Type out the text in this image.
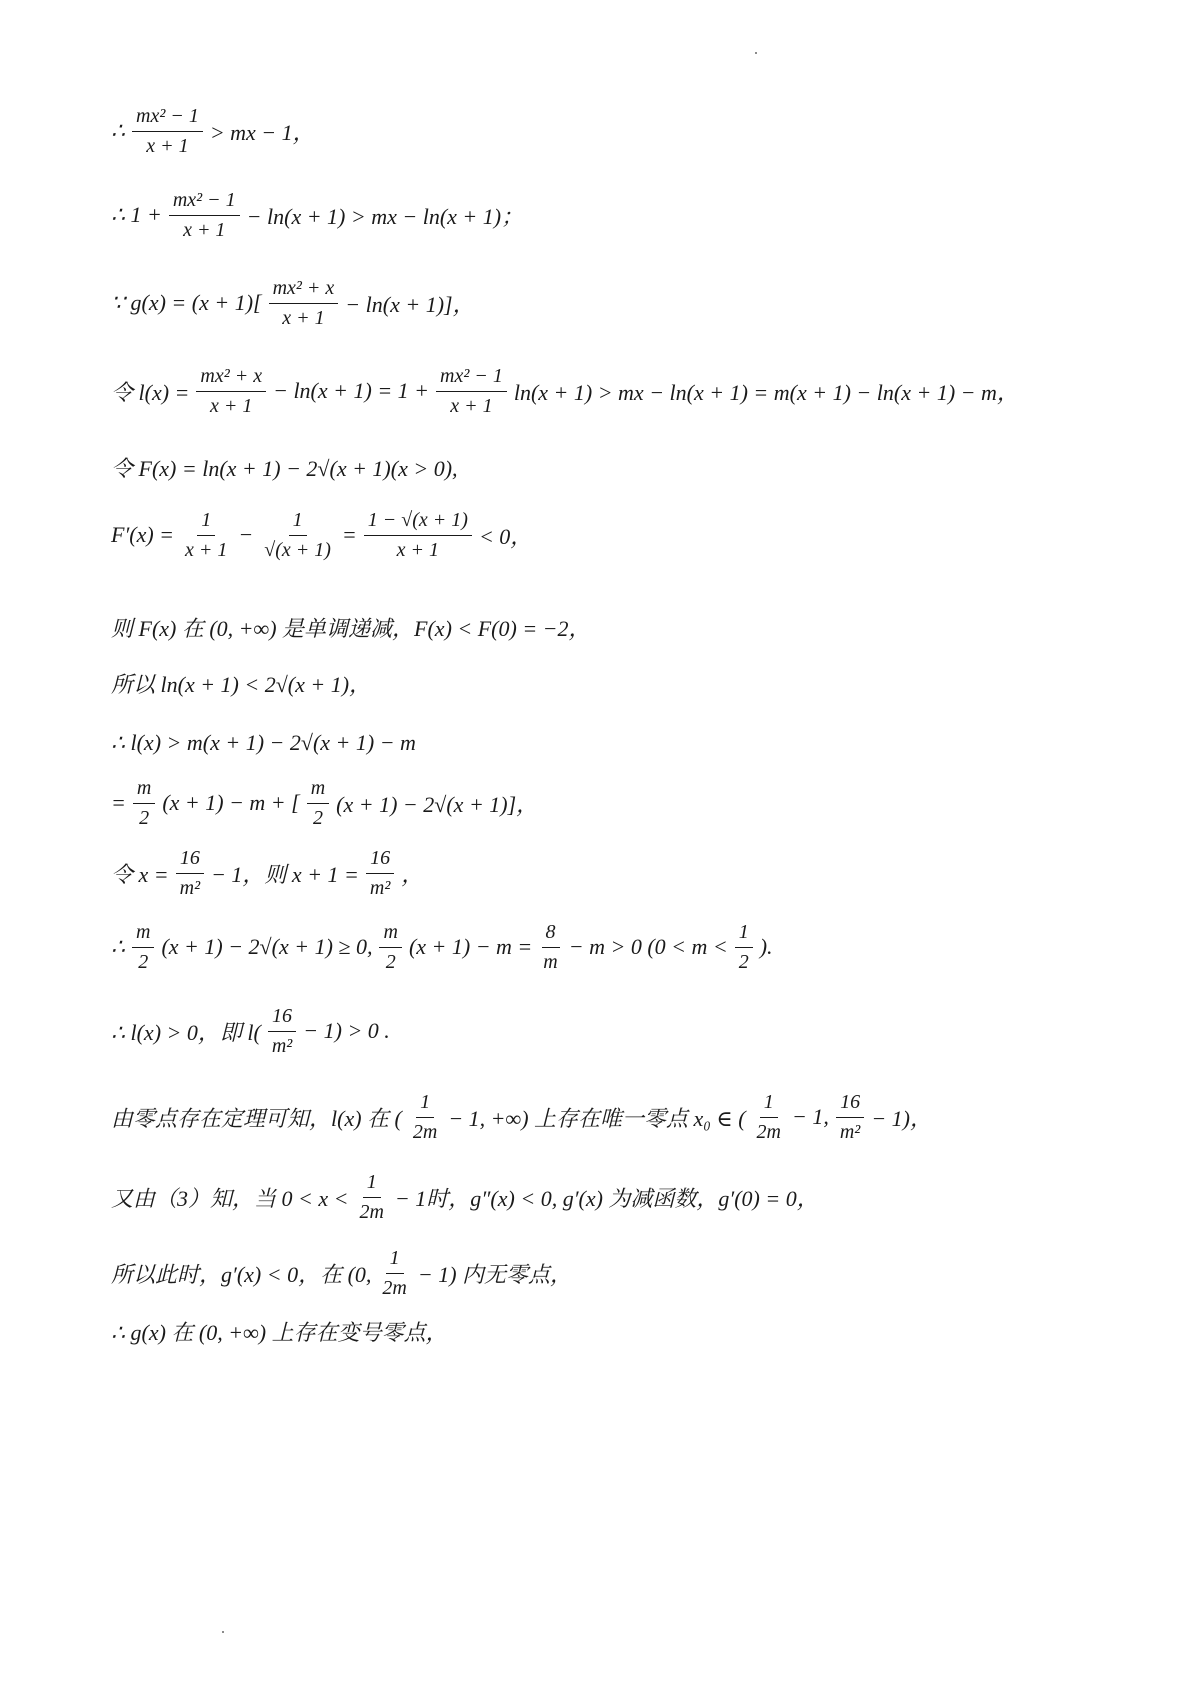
∴ $\frac{\text{mx² − 1}}{x + 1}$ > mx − 1，
∴ $1 + \frac{\text{mx² − 1}}{x + 1} - \ln(x + 1)$ > mx − ln(x + 1)；
∵ $g(x) = (x + 1)[ \frac{\text{mx² + x}}{x + 1} - \ln(x + 1)]$，
令 $l(x) = \frac{\text{mx² + x}}{x + 1} - \ln(x + 1) = 1 + \frac{\text{mx² − 1}}{x + 1} \ln(x + 1)$ > mx − ln(x + 1) = m(x + 1) − ln(x + 1) − m，
令 F(x) = ln(x + 1) − 2√(x + 1)(x > 0),
$F'(x) = \frac{1}{x + 1} - \frac{1}{√(x + 1)} = \frac{1 - √(x + 1)}{x + 1} < 0$，
则 F(x) 在 (0, +∞) 是单调递减，F(x) < F(0) = −2，
所以 ln(x + 1) < 2√(x + 1)，
∴ l(x) > m(x + 1) − 2√(x + 1) − m
= $\frac{m}{2} (x + 1) - m$ + [ $\frac{m}{2} (x + 1) - 2√(x + 1)$]，
令 $x = \frac{16}{\text{m²}} - 1$，则 $x + 1 = \frac{16}{\text{m²}}$ ，
∴ $\frac{m}{2} (x + 1) - 2√(x + 1) \ge 0$, $\frac{m}{2} (x + 1) - m = \frac{8}{m} - m > 0$ ($0 < m < \frac{1}{2}$ ).
∴ l(x) > 0，即 $l( \frac{16}{\text{m²}} - 1) > 0$ .
由零点存在定理可知，l(x) 在 ( $\frac{1}{2m} - 1$, +∞) 上存在唯一零点 x₀ ∈ ( $\frac{1}{2m} - 1$, $\frac{16}{\text{m²}} - 1$)，
又由（3）知，当 $0 < x < \frac{1}{2m} - 1$时，g″(x) < 0, g′(x) 为减函数，g′(0) = 0，
所以此时，g′(x) < 0，在 (0, $\frac{1}{2m} - 1$) 内无零点，
∴ g(x) 在 (0, +∞) 上存在变号零点，
